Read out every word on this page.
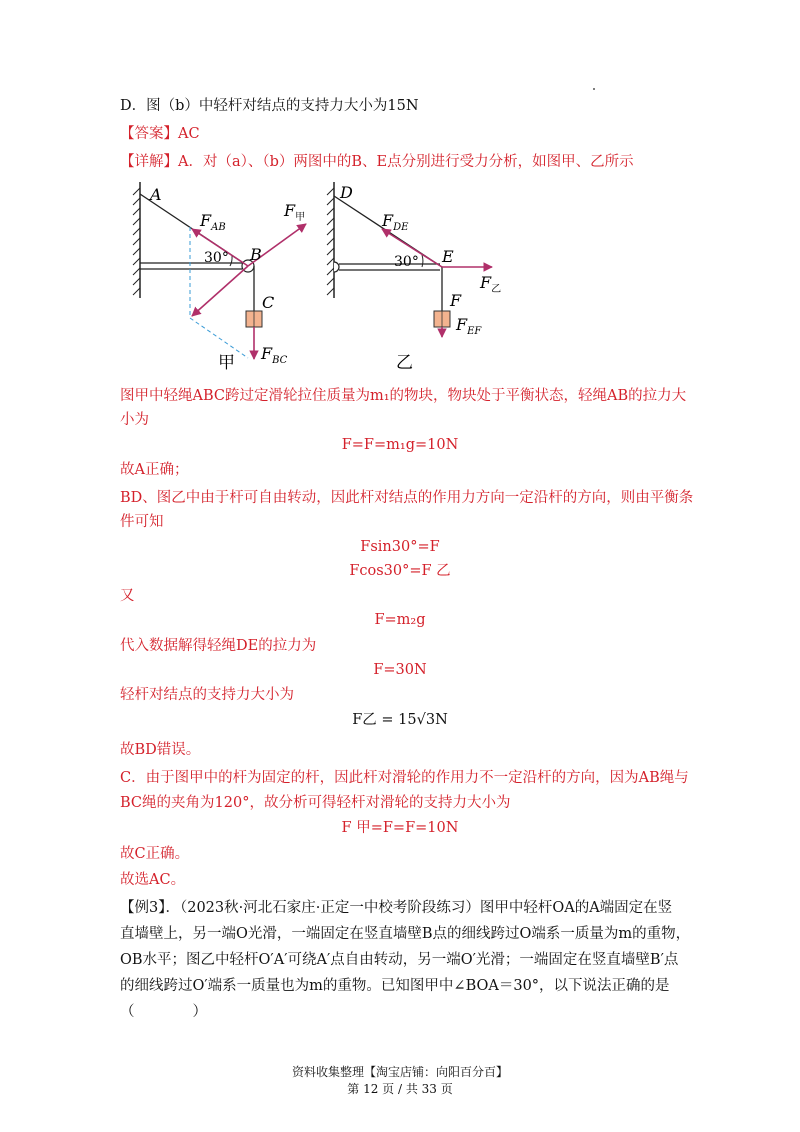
D．图（b）中轻杆对结点的支持力大小为15N
【答案】AC
【详解】A．对（a）、（b）两图中的B、E点分别进行受力分析，如图甲、乙所示
A
$F_{AB}$
$F_甲$
30° B
C
$F_{BC}$
甲
D
$F_{DE}$
30° E
$F_乙$
F
$F_{EF}$
乙
图甲中轻绳ABC跨过定滑轮拉住质量为m₁的物块，物块处于平衡状态，轻绳AB的拉力大
小为
F=F=m₁g=10N
故A正确；
BD、图乙中由于杆可自由转动，因此杆对结点的作用力方向一定沿杆的方向，则由平衡条
件可知
Fsin30°=F
Fcos30°=F 乙
又
F=m₂g
代入数据解得轻绳DE的拉力为
F=30N
轻杆对结点的支持力大小为
F乙 = 15√3N
故BD错误。
C．由于图甲中的杆为固定的杆，因此杆对滑轮的作用力不一定沿杆的方向，因为AB绳与
BC绳的夹角为120°，故分析可得轻杆对滑轮的支持力大小为
F 甲=F=F=10N
故C正确。
故选AC。
【例3】．（2023秋·河北石家庄·正定一中校考阶段练习）图甲中轻杆OA的A端固定在竖
直墙壁上，另一端O光滑，一端固定在竖直墙壁B点的细线跨过O端系一质量为m的重物，
OB水平；图乙中轻杆O′A′可绕A′点自由转动，另一端O′光滑；一端固定在竖直墙壁B′点
的细线跨过O′端系一质量也为m的重物。已知图甲中∠BOA＝30°，以下说法正确的是
（　　　　）
资料收集整理【淘宝店铺：向阳百分百】
第 12 页 / 共 33 页
